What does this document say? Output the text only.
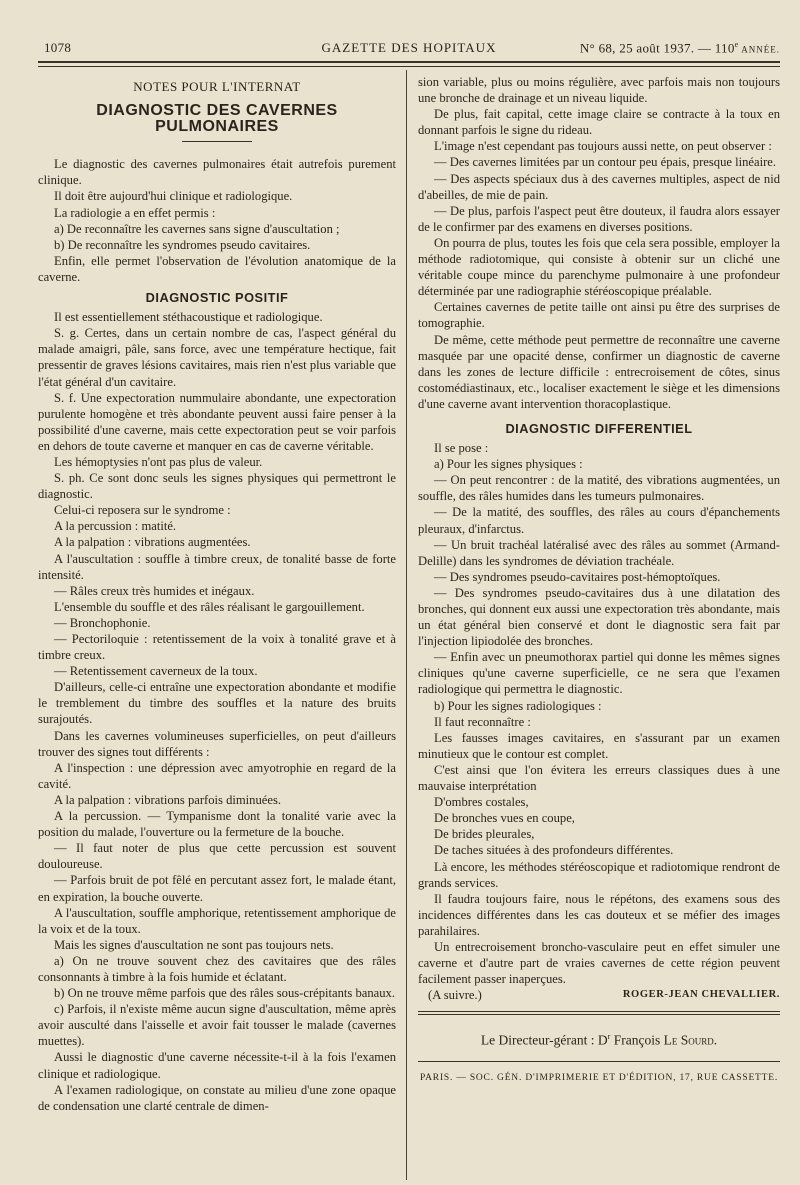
1078	GAZETTE DES HOPITAUX	N° 68, 25 août 1937. — 110e ANNÉE.
NOTES POUR L'INTERNAT
DIAGNOSTIC DES CAVERNES PULMONAIRES

Le diagnostic des cavernes pulmonaires était autrefois purement clinique.

Il doit être aujourd'hui clinique et radiologique.

La radiologie a en effet permis :

a) De reconnaître les cavernes sans signe d'auscultation ;

b) De reconnaître les syndromes pseudo cavitaires.

Enfin, elle permet l'observation de l'évolution anatomique de la caverne.

DIAGNOSTIC POSITIF

Il est essentiellement stéthacoustique et radiologique.

S. g. Certes, dans un certain nombre de cas, l'aspect général du malade amaigri, pâle, sans force, avec une température hectique, fait pressentir de graves lésions cavitaires, mais rien n'est plus variable que l'état général d'un cavitaire.

S. f. Une expectoration nummulaire abondante, une expectoration purulente homogène et très abondante peuvent aussi faire penser à la possibilité d'une caverne, mais cette expectoration peut se voir parfois en dehors de toute caverne et manquer en cas de caverne véritable.

Les hémoptysies n'ont pas plus de valeur.

S. ph. Ce sont donc seuls les signes physiques qui permettront le diagnostic.

Celui-ci reposera sur le syndrome :

A la percussion : matité.

A la palpation : vibrations augmentées.

A l'auscultation : souffle à timbre creux, de tonalité basse de forte intensité.

— Râles creux très humides et inégaux.

L'ensemble du souffle et des râles réalisant le gargouillement.

— Bronchophonie.

— Pectoriloquie : retentissement de la voix à tonalité grave et à timbre creux.

— Retentissement caverneux de la toux.

D'ailleurs, celle-ci entraîne une expectoration abondante et modifie le tremblement du timbre des souffles et la nature des bruits surajoutés.

Dans les cavernes volumineuses superficielles, on peut d'ailleurs trouver des signes tout différents :

A l'inspection : une dépression avec amyotrophie en regard de la cavité.

A la palpation : vibrations parfois diminuées.

A la percussion. — Tympanisme dont la tonalité varie avec la position du malade, l'ouverture ou la fermeture de la bouche.

— Il faut noter de plus que cette percussion est souvent douloureuse.

— Parfois bruit de pot fêlé en percutant assez fort, le malade étant, en expiration, la bouche ouverte.

A l'auscultation, souffle amphorique, retentissement amphorique de la voix et de la toux.

Mais les signes d'auscultation ne sont pas toujours nets.

a) On ne trouve souvent chez des cavitaires que des râles consonnants à timbre à la fois humide et éclatant.

b) On ne trouve même parfois que des râles sous-crépitants banaux.

c) Parfois, il n'existe même aucun signe d'auscultation, même après avoir ausculté dans l'aisselle et avoir fait tousser le malade (cavernes muettes).

Aussi le diagnostic d'une caverne nécessite-t-il à la fois l'examen clinique et radiologique.

A l'examen radiologique, on constate au milieu d'une zone opaque de condensation une clarté centrale de dimen-

sion variable, plus ou moins régulière, avec parfois mais non toujours une bronche de drainage et un niveau liquide.

De plus, fait capital, cette image claire se contracte à la toux en donnant parfois le signe du rideau.

L'image n'est cependant pas toujours aussi nette, on peut observer :

— Des cavernes limitées par un contour peu épais, presque linéaire.

— Des aspects spéciaux dus à des cavernes multiples, aspect de nid d'abeilles, de mie de pain.

— De plus, parfois l'aspect peut être douteux, il faudra alors essayer de le confirmer par des examens en diverses positions.

On pourra de plus, toutes les fois que cela sera possible, employer la méthode radiotomique, qui consiste à obtenir sur un cliché une véritable coupe mince du parenchyme pulmonaire à une profondeur déterminée par une radiographie stéréoscopique préalable.

Certaines cavernes de petite taille ont ainsi pu être des surprises de tomographie.

De même, cette méthode peut permettre de reconnaître une caverne masquée par une opacité dense, confirmer un diagnostic de caverne dans les zones de lecture difficile : entrecroisement de côtes, sinus costomédiastinaux, etc., localiser exactement le siège et les dimensions d'une caverne avant intervention thoracoplastique.

DIAGNOSTIC DIFFERENTIEL

Il se pose :

a) Pour les signes physiques :

— On peut rencontrer : de la matité, des vibrations augmentées, un souffle, des râles humides dans les tumeurs pulmonaires.

— De la matité, des souffles, des râles au cours d'épanchements pleuraux, d'infarctus.

— Un bruit trachéal latéralisé avec des râles au sommet (Armand-Delille) dans les syndromes de déviation trachéale.

— Des syndromes pseudo-cavitaires post-hémoptoïques.

— Des syndromes pseudo-cavitaires dus à une dilatation des bronches, qui donnent eux aussi une expectoration très abondante, mais un état général bien conservé et dont le diagnostic sera fait par l'injection lipiodolée des bronches.

— Enfin avec un pneumothorax partiel qui donne les mêmes signes cliniques qu'une caverne superficielle, ce ne sera que l'examen radiologique qui permettra le diagnostic.

b) Pour les signes radiologiques :

Il faut reconnaître :

Les fausses images cavitaires, en s'assurant par un examen minutieux que le contour est complet.

C'est ainsi que l'on évitera les erreurs classiques dues à une mauvaise interprétation

D'ombres costales,

De bronches vues en coupe,

De brides pleurales,

De taches situées à des profondeurs différentes.

Là encore, les méthodes stéréoscopique et radiotomique rendront de grands services.

Il faudra toujours faire, nous le répétons, des examens sous des incidences différentes dans les cas douteux et se méfier des images parahilaires.

Un entrecroisement broncho-vasculaire peut en effet simuler une caverne et d'autre part de vraies cavernes de cette région peuvent facilement passer inaperçues.

(A suivre.)	ROGER-JEAN CHEVALLIER.
Le Directeur-gérant : $D^r$ François Le Sourd.
PARIS. — SOC. GÉN. D'IMPRIMERIE ET D'ÉDITION, 17, RUE CASSETTE.
